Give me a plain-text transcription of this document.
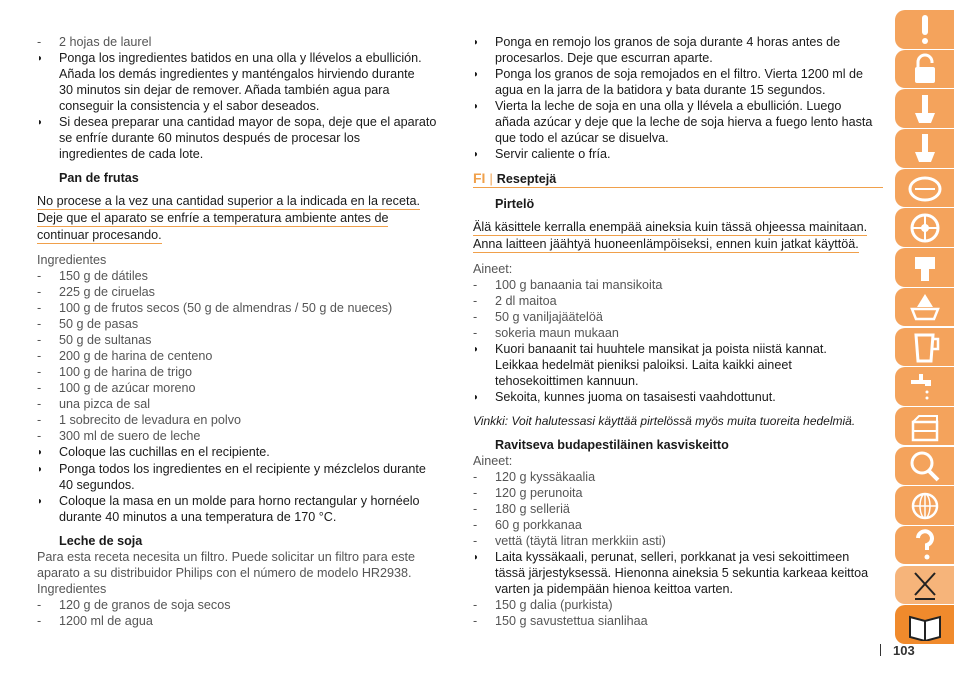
-	2 hojas de laurel
◗	Ponga los ingredientes batidos en una olla y llévelos a ebullición.
Añada los demás ingredientes y manténgalos hirviendo durante
30 minutos sin dejar de remover. Añada también agua para
conseguir la consistencia y el sabor deseados.
◗	Si desea preparar una cantidad mayor de sopa, deje que el aparato
se enfríe durante 60 minutos después de procesar los
ingredientes de cada lote.
Pan de frutas
No procese a la vez una cantidad superior a la indicada en la receta.
Deje que el aparato se enfríe a temperatura ambiente antes de
continuar procesando.
Ingredientes
-	150 g de dátiles
-	225 g de ciruelas
-	100 g de frutos secos (50 g de almendras / 50 g de nueces)
-	50 g de pasas
-	50 g de sultanas
-	200 g de harina de centeno
-	100 g de harina de trigo
-	100 g de azúcar moreno
-	una pizca de sal
-	1 sobrecito de levadura en polvo
-	300 ml de suero de leche
◗	Coloque las cuchillas en el recipiente.
◗	Ponga todos los ingredientes en el recipiente y mézclelos durante
40 segundos.
◗	Coloque la masa en un molde para horno rectangular y hornéelo
durante 40 minutos a una temperatura de 170 °C.
Leche de soja
Para esta receta necesita un filtro. Puede solicitar un filtro para este
aparato a su distribuidor Philips con el número de modelo HR2938.
Ingredientes
-	120 g de granos de soja secos
-	1200 ml de agua
◗	Ponga en remojo los granos de soja durante 4 horas antes de
procesarlos. Deje que escurran aparte.
◗	Ponga los granos de soja remojados en el filtro. Vierta 1200 ml de
agua en la jarra de la batidora y bata durante 15 segundos.
◗	Vierta la leche de soja en una olla y llévela a ebullición. Luego
añada azúcar y deje que la leche de soja hierva a fuego lento hasta
que todo el azúcar se disuelva.
◗	Servir caliente o fría.
FI | Reseptejä
Pirtelö
Älä käsittele kerralla enempää aineksia kuin tässä ohjeessa mainitaan.
Anna laitteen jäähtyä huoneenlämpöiseksi, ennen kuin jatkat käyttöä.
Aineet:
-	100 g banaania tai mansikoita
-	2 dl maitoa
-	50 g vaniljajäätelöä
-	sokeria maun mukaan
◗	Kuori banaanit tai huuhtele mansikat ja poista niistä kannat.
Leikkaa hedelmät pieniksi paloiksi. Laita kaikki aineet
tehosekoittimen kannuun.
◗	Sekoita, kunnes juoma on tasaisesti vaahdottunut.
Vinkki: Voit halutessasi käyttää pirtelössä myös muita tuoreita hedelmiä.
Ravitseva budapestiläinen kasviskeitto
Aineet:
-	120 g kyssäkaalia
-	120 g perunoita
-	180 g selleriä
-	60 g porkkanaa
-	vettä (täytä litran merkkiin asti)
◗	Laita kyssäkaali, perunat, selleri, porkkanat ja vesi sekoittimeen
tässä järjestyksessä. Hienonna aineksia 5 sekuntia karkeaa keittoa
varten ja pidempään hienoa keittoa varten.
-	150 g dalia (purkista)
-	150 g savustettua sianlihaa
103
